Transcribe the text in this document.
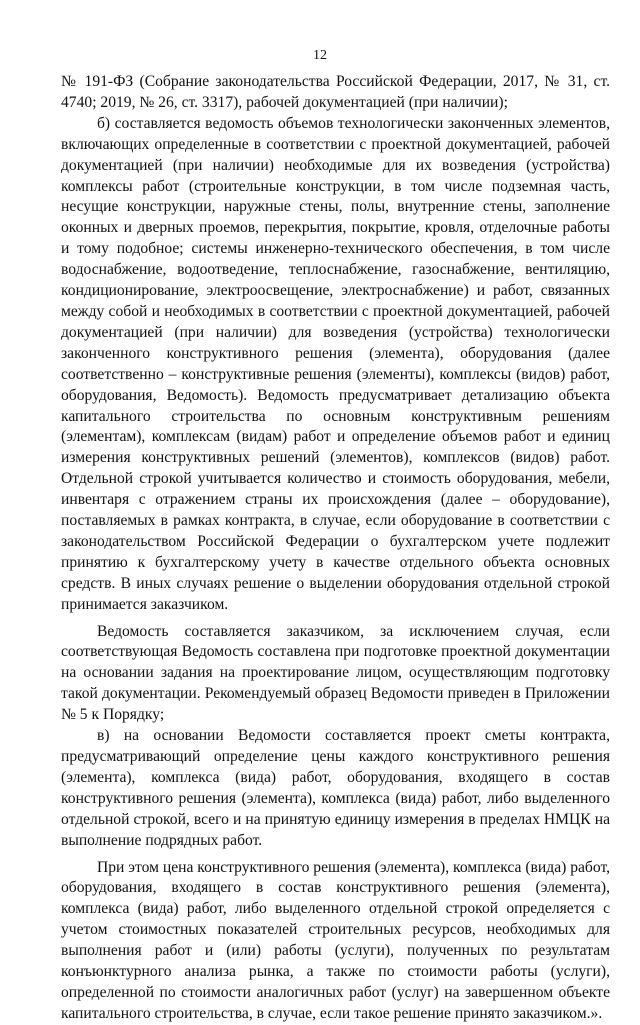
12

№ 191-ФЗ (Собрание законодательства Российской Федерации, 2017, № 31, ст. 4740; 2019, № 26, ст. 3317), рабочей документацией (при наличии);

б) составляется ведомость объемов технологически законченных элементов, включающих определенные в соответствии с проектной документацией, рабочей документацией (при наличии) необходимые для их возведения (устройства) комплексы работ (строительные конструкции, в том числе подземная часть, несущие конструкции, наружные стены, полы, внутренние стены, заполнение оконных и дверных проемов, перекрытия, покрытие, кровля, отделочные работы и тому подобное; системы инженерно-технического обеспечения, в том числе водоснабжение, водоотведение, теплоснабжение, газоснабжение, вентиляцию, кондиционирование, электроосвещение, электроснабжение) и работ, связанных между собой и необходимых в соответствии с проектной документацией, рабочей документацией (при наличии) для возведения (устройства) технологически законченного конструктивного решения (элемента), оборудования (далее соответственно – конструктивные решения (элементы), комплексы (видов) работ, оборудования, Ведомость). Ведомость предусматривает детализацию объекта капитального строительства по основным конструктивным решениям (элементам), комплексам (видам) работ и определение объемов работ и единиц измерения конструктивных решений (элементов), комплексов (видов) работ. Отдельной строкой учитывается количество и стоимость оборудования, мебели, инвентаря с отражением страны их происхождения (далее – оборудование), поставляемых в рамках контракта, в случае, если оборудование в соответствии с законодательством Российской Федерации о бухгалтерском учете подлежит принятию к бухгалтерскому учету в качестве отдельного объекта основных средств. В иных случаях решение о выделении оборудования отдельной строкой принимается заказчиком.

Ведомость составляется заказчиком, за исключением случая, если соответствующая Ведомость составлена при подготовке проектной документации на основании задания на проектирование лицом, осуществляющим подготовку такой документации. Рекомендуемый образец Ведомости приведен в Приложении № 5 к Порядку;

в) на основании Ведомости составляется проект сметы контракта, предусматривающий определение цены каждого конструктивного решения (элемента), комплекса (вида) работ, оборудования, входящего в состав конструктивного решения (элемента), комплекса (вида) работ, либо выделенного отдельной строкой, всего и на принятую единицу измерения в пределах НМЦК на выполнение подрядных работ.

При этом цена конструктивного решения (элемента), комплекса (вида) работ, оборудования, входящего в состав конструктивного решения (элемента), комплекса (вида) работ, либо выделенного отдельной строкой определяется с учетом стоимостных показателей строительных ресурсов, необходимых для выполнения работ и (или) работы (услуги), полученных по результатам конъюнктурного анализа рынка, а также по стоимости работы (услуги), определенной по стоимости аналогичных работ (услуг) на завершенном объекте капитального строительства, в случае, если такое решение принято заказчиком.».
